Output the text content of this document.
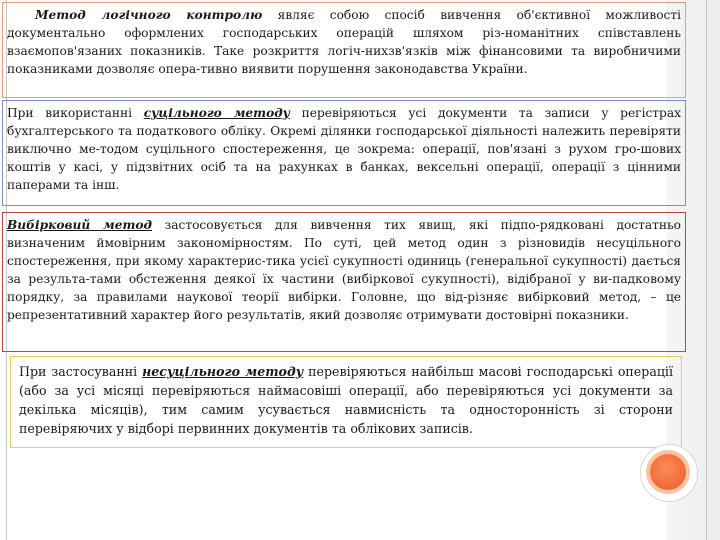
Метод логічного контролю являє собою спосіб вивчення об'єктивної можливості документально оформлених господарських операцій шляхом різ-номанітних співставлень взаємопов'язаних показників. Таке розкриття логіч-нихзв'язків між фінансовими та виробничими показниками дозволяє опера-тивно виявити порушення законодавства України.

При використанні суцільного методу перевіряються усі документи та записи у регістрах бухгалтерського та податкового обліку. Окремі ділянки господарської діяльності належить перевіряти виключно ме-тодом суцільного спостереження, це зокрема: операції, пов'язані з рухом гро-шових коштів у касі, у підзвітних осіб та на рахунках в банках, вексельні операції, операції з цінними паперами та інш.

Вибірковий метод застосовується для вивчення тих явищ, які підпо-рядковані достатньо визначеним ймовірним закономірностям. По суті, цей метод один з різновидів несуцільного спостереження, при якому характерис-тика усієї сукупності одиниць (генеральної сукупності) дається за результа-тами обстеження деякої їх частини (вибіркової сукупності), відібраної у ви-падковому порядку, за правилами наукової теорії вибірки. Головне, що від-різняє вибірковий метод, – це репрезентативний характер його результатів, який дозволяє отримувати достовірні показники.

При застосуванні несуцільного методу перевіряються найбільш масові господарські операції (або за усі місяці перевіряються наймасовіші операції, або перевіряються усі документи за декілька місяців), тим самим усувається навмисність та односторонність зі сторони перевіряючих у відборі первинних документів та облікових записів.
